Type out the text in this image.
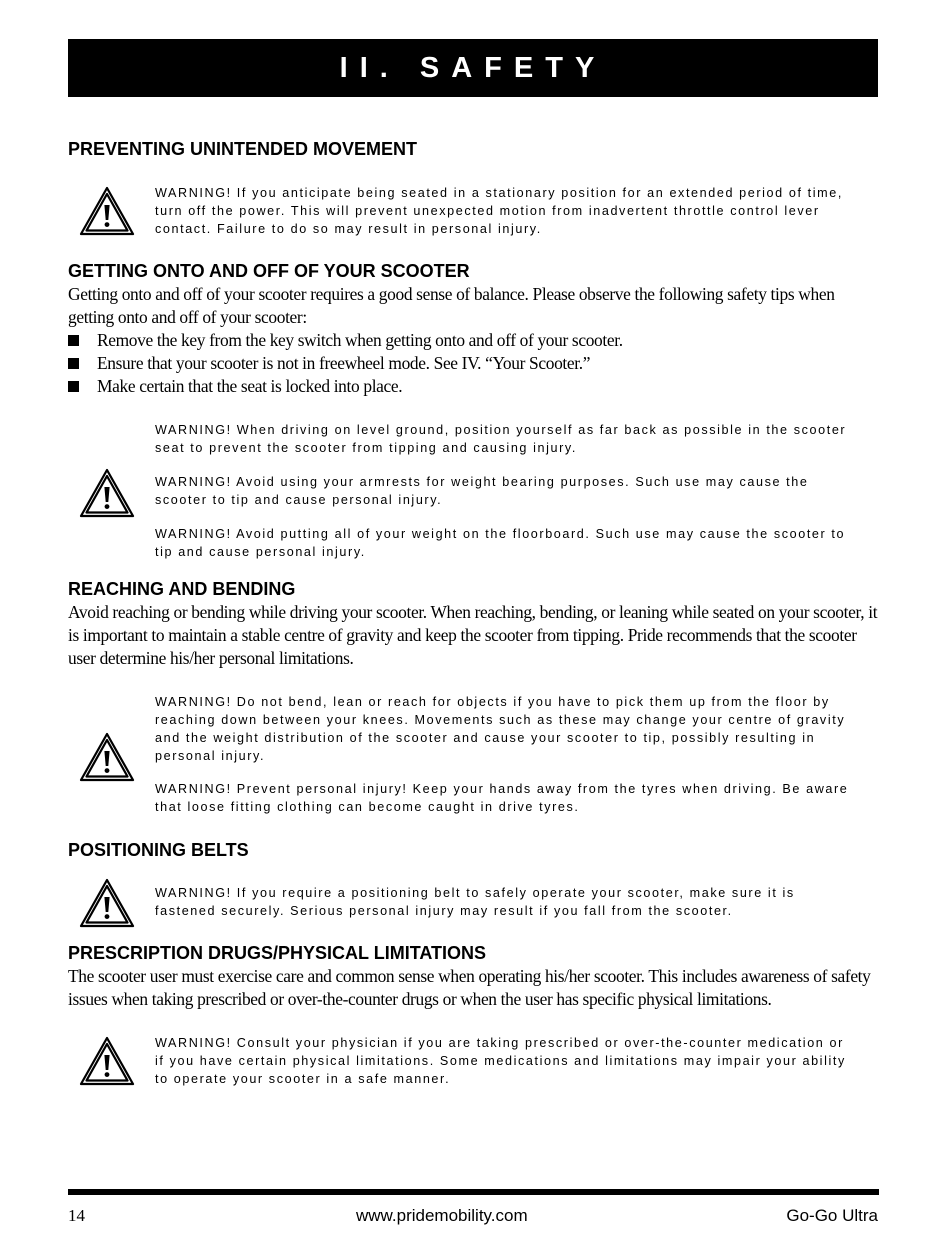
II. SAFETY
PREVENTING UNINTENDED MOVEMENT
WARNING! If you anticipate being seated in a stationary position for an extended period of time, turn off the power. This will prevent unexpected motion from inadvertent throttle control lever contact. Failure to do so may result in personal injury.
GETTING ONTO AND OFF OF YOUR SCOOTER
Getting onto and off of your scooter requires a good sense of balance. Please observe the following safety tips when getting onto and off of your scooter:
Remove the key from the key switch when getting onto and off of your scooter.
Ensure that your scooter is not in freewheel mode. See IV. “Your Scooter.”
Make certain that the seat is locked into place.
WARNING! When driving on level ground, position yourself as far back as possible in the scooter seat to prevent the scooter from tipping and causing injury.
WARNING! Avoid using your armrests for weight bearing purposes. Such use may cause the scooter to tip and cause personal injury.
WARNING! Avoid putting all of your weight on the floorboard. Such use may cause the scooter to tip and cause personal injury.
REACHING AND BENDING
Avoid reaching or bending while driving your scooter. When reaching, bending, or leaning while seated on your scooter, it is important to maintain a stable centre of gravity and keep the scooter from tipping. Pride recommends that the scooter user determine his/her personal limitations.
WARNING! Do not bend, lean or reach for objects if you have to pick them up from the floor by reaching down between your knees. Movements such as these may change your centre of gravity and the weight distribution of the scooter and cause your scooter to tip, possibly resulting in personal injury.
WARNING! Prevent personal injury! Keep your hands away from the tyres when driving. Be aware that loose fitting clothing can become caught in drive tyres.
POSITIONING BELTS
WARNING! If you require a positioning belt to safely operate your scooter, make sure it is fastened securely. Serious personal injury may result if you fall from the scooter.
PRESCRIPTION DRUGS/PHYSICAL LIMITATIONS
The scooter user must exercise care and common sense when operating his/her scooter. This includes awareness of safety issues when taking prescribed or over-the-counter drugs or when the user has specific physical limitations.
WARNING! Consult your physician if you are taking prescribed or over-the-counter medication or if you have certain physical limitations. Some medications and limitations may impair your ability to operate your scooter in a safe manner.
14	www.pridemobility.com	Go-Go Ultra
